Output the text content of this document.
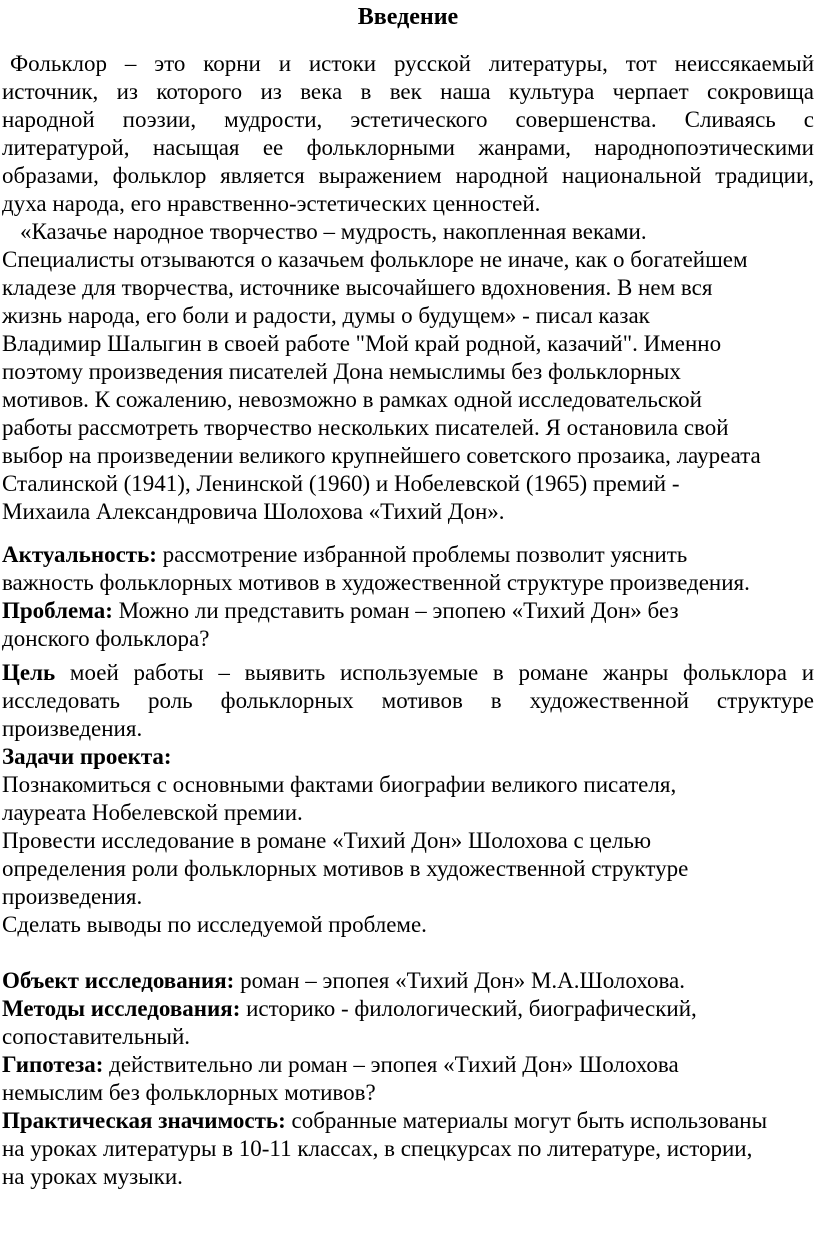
Введение
Фольклор – это корни и истоки русской литературы, тот неиссякаемый
источник, из которого из века в век наша культура черпает сокровища
народной поэзии, мудрости, эстетического совершенства. Сливаясь с
литературой, насыщая ее фольклорными жанрами, народнопоэтическими
образами, фольклор является выражением народной национальной традиции,
духа народа, его нравственно-эстетических ценностей.
«Казачье народное творчество – мудрость, накопленная веками.
Специалисты отзываются о казачьем фольклоре не иначе, как о богатейшем
кладезе для творчества, источнике высочайшего вдохновения. В нем вся
жизнь народа, его боли и радости, думы о будущем» - писал казак
Владимир Шалыгин в своей работе "Мой край родной, казачий". Именно
поэтому произведения писателей Дона немыслимы без фольклорных
мотивов. К сожалению, невозможно в рамках одной исследовательской
работы рассмотреть творчество нескольких писателей. Я остановила свой
выбор на произведении великого крупнейшего советского прозаика, лауреата
Сталинской (1941), Ленинской (1960) и Нобелевской (1965) премий -
Михаила Александровича Шолохова «Тихий Дон».
Актуальность: рассмотрение избранной проблемы позволит уяснить
важность фольклорных мотивов в художественной структуре произведения.
Проблема: Можно ли представить роман – эпопею «Тихий Дон» без
донского фольклора?
Цель моей работы – выявить используемые в романе жанры фольклора и
исследовать роль фольклорных мотивов в художественной структуре
произведения.
Задачи проекта:
Познакомиться с основными фактами биографии великого писателя,
лауреата Нобелевской премии.
Провести исследование в романе «Тихий Дон» Шолохова с целью
определения роли фольклорных мотивов в художественной структуре
произведения.
Сделать выводы по исследуемой проблеме.
Объект исследования: роман – эпопея «Тихий Дон» М.А.Шолохова.
Методы исследования: историко - филологический, биографический,
сопоставительный.
Гипотеза: действительно ли роман – эпопея «Тихий Дон» Шолохова
немыслим без фольклорных мотивов?
Практическая значимость: собранные материалы могут быть использованы
на уроках литературы в 10-11 классах, в спецкурсах по литературе, истории,
на уроках музыки.
